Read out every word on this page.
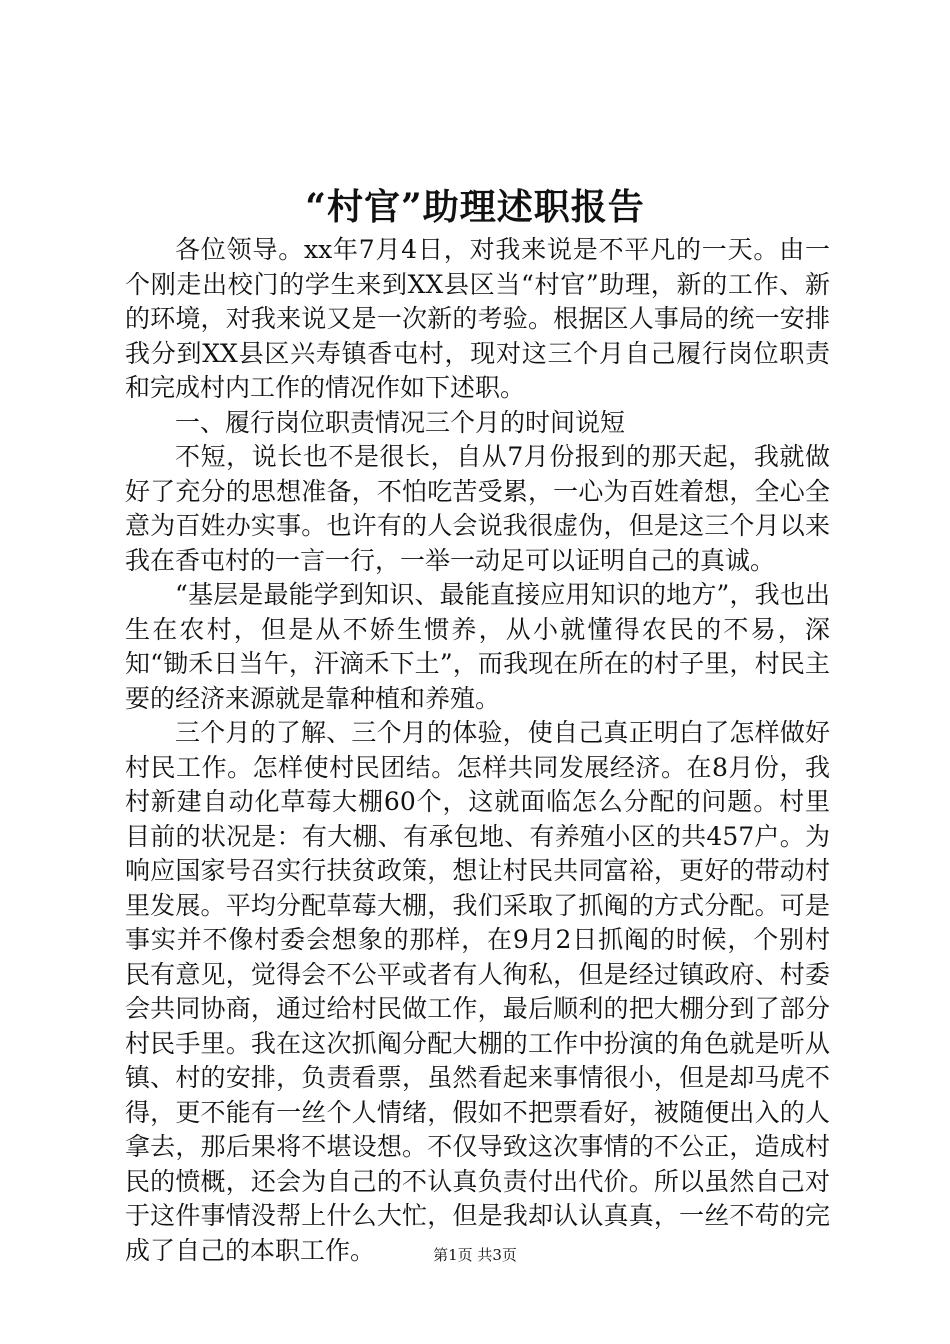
“村官”助理述职报告

各位领导。xx年7月4日，对我来说是不平凡的一天。由一个刚走出校门的学生来到XX县区当“村官”助理，新的工作、新的环境，对我来说又是一次新的考验。根据区人事局的统一安排我分到XX县区兴寿镇香屯村，现对这三个月自己履行岗位职责和完成村内工作的情况作如下述职。

一、履行岗位职责情况三个月的时间说短

不短，说长也不是很长，自从7月份报到的那天起，我就做好了充分的思想准备，不怕吃苦受累，一心为百姓着想，全心全意为百姓办实事。也许有的人会说我很虚伪，但是这三个月以来我在香屯村的一言一行，一举一动足可以证明自己的真诚。

“基层是最能学到知识、最能直接应用知识的地方”，我也出生在农村，但是从不娇生惯养，从小就懂得农民的不易，深知“锄禾日当午，汗滴禾下土”，而我现在所在的村子里，村民主要的经济来源就是靠种植和养殖。

三个月的了解、三个月的体验，使自己真正明白了怎样做好村民工作。怎样使村民团结。怎样共同发展经济。在8月份，我村新建自动化草莓大棚60个，这就面临怎么分配的问题。村里目前的状况是：有大棚、有承包地、有养殖小区的共457户。为响应国家号召实行扶贫政策，想让村民共同富裕，更好的带动村里发展。平均分配草莓大棚，我们采取了抓阄的方式分配。可是事实并不像村委会想象的那样，在9月2日抓阄的时候，个别村民有意见，觉得会不公平或者有人徇私，但是经过镇政府、村委会共同协商，通过给村民做工作，最后顺利的把大棚分到了部分村民手里。我在这次抓阄分配大棚的工作中扮演的角色就是听从镇、村的安排，负责看票，虽然看起来事情很小，但是却马虎不得，更不能有一丝个人情绪，假如不把票看好，被随便出入的人拿去，那后果将不堪设想。不仅导致这次事情的不公正，造成村民的愤概，还会为自己的不认真负责付出代价。所以虽然自己对于这件事情没帮上什么大忙，但是我却认认真真，一丝不苟的完成了自己的本职工作。	第1页 共3页
